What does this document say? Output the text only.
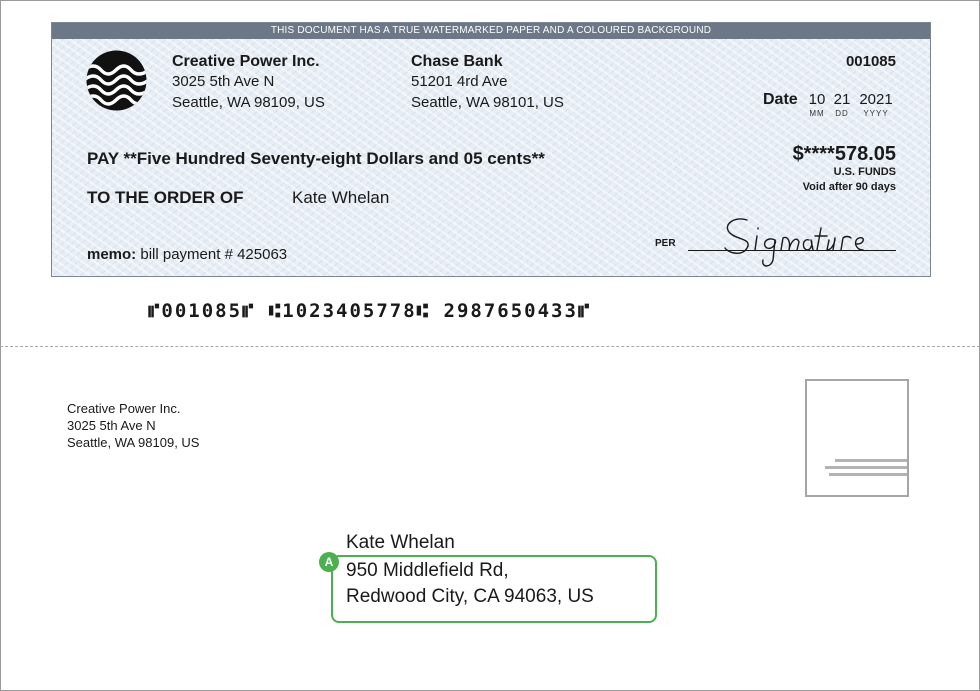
THIS DOCUMENT HAS A TRUE WATERMARKED PAPER AND A COLOURED BACKGROUND
Creative Power Inc.
3025 5th Ave N
Seattle, WA 98109, US
Chase Bank
51201 4rd Ave
Seattle, WA 98101, US
001085
Date 10 21 2021
MM	DD	YYYY
PAY **Five Hundred Seventy-eight Dollars and 05 cents**	$****578.05
U.S. FUNDS
Void after 90 days
TO THE ORDER OF	Kate Whelan
memo: bill payment # 425063
PER
⑈001085⑈ ⑆1023405778⑆ 2987650433⑈
Creative Power Inc.
3025 5th Ave N
Seattle, WA 98109, US
Kate Whelan
A 950 Middlefield Rd,
Redwood City, CA 94063, US
